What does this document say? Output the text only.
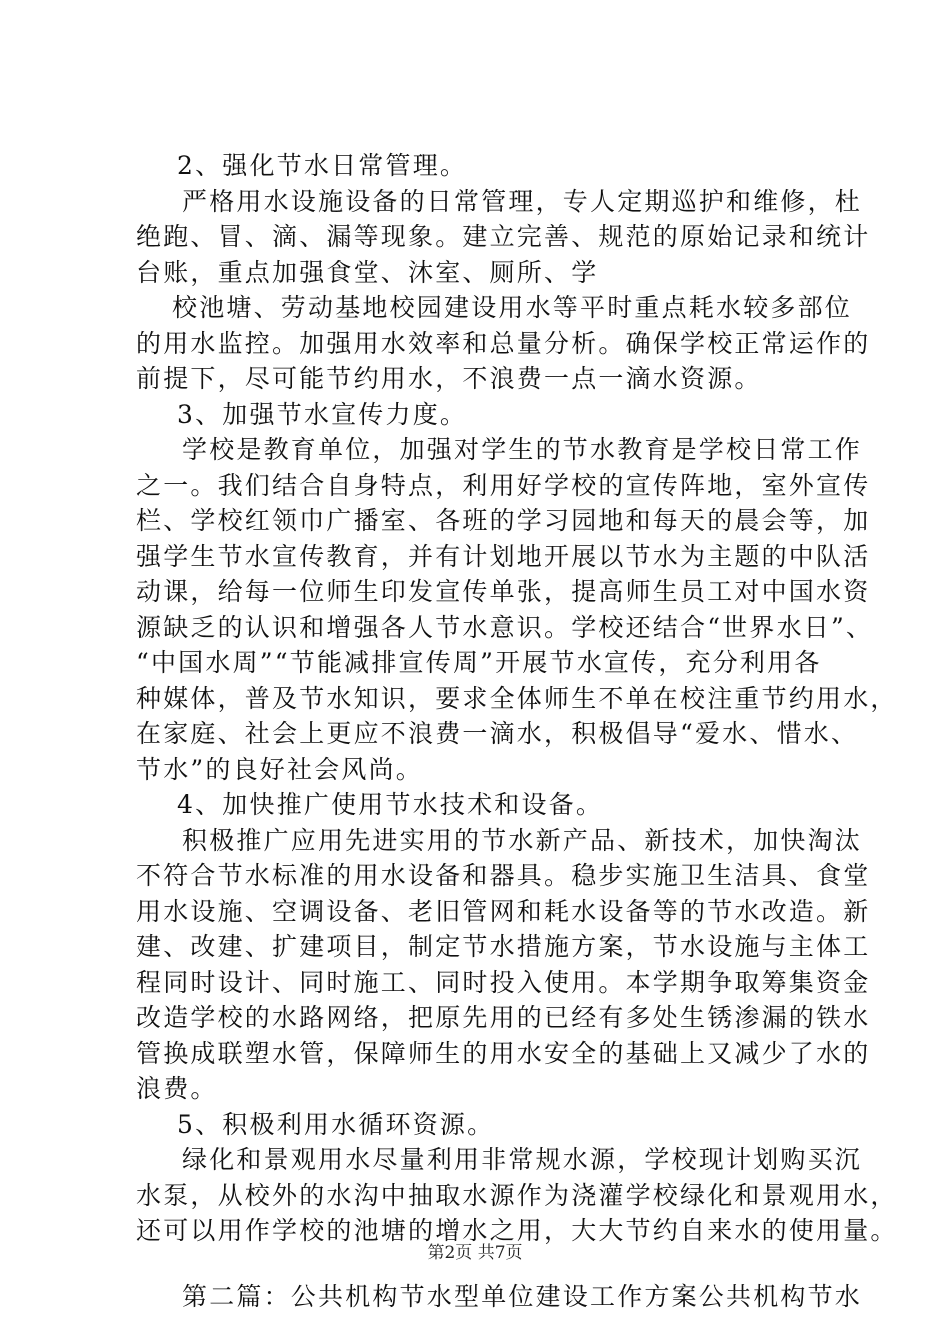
2、强化节水日常管理。
严格用水设施设备的日常管理，专人定期巡护和维修，杜
绝跑、冒、滴、漏等现象。建立完善、规范的原始记录和统计
台账，重点加强食堂、沐室、厕所、学
校池塘、劳动基地校园建设用水等平时重点耗水较多部位
的用水监控。加强用水效率和总量分析。确保学校正常运作的
前提下，尽可能节约用水，不浪费一点一滴水资源。
3、加强节水宣传力度。
学校是教育单位，加强对学生的节水教育是学校日常工作
之一。我们结合自身特点，利用好学校的宣传阵地，室外宣传
栏、学校红领巾广播室、各班的学习园地和每天的晨会等，加
强学生节水宣传教育，并有计划地开展以节水为主题的中队活
动课，给每一位师生印发宣传单张，提高师生员工对中国水资
源缺乏的认识和增强各人节水意识。学校还结合“世界水日”、
“中国水周”“节能减排宣传周”开展节水宣传，充分利用各
种媒体，普及节水知识，要求全体师生不单在校注重节约用水，
在家庭、社会上更应不浪费一滴水，积极倡导“爱水、惜水、
节水”的良好社会风尚。
4、加快推广使用节水技术和设备。
积极推广应用先进实用的节水新产品、新技术，加快淘汰
不符合节水标准的用水设备和器具。稳步实施卫生洁具、食堂
用水设施、空调设备、老旧管网和耗水设备等的节水改造。新
建、改建、扩建项目，制定节水措施方案，节水设施与主体工
程同时设计、同时施工、同时投入使用。本学期争取筹集资金
改造学校的水路网络，把原先用的已经有多处生锈渗漏的铁水
管换成联塑水管，保障师生的用水安全的基础上又减少了水的
浪费。
5、积极利用水循环资源。
绿化和景观用水尽量利用非常规水源，学校现计划购买沉
水泵，从校外的水沟中抽取水源作为浇灌学校绿化和景观用水，
还可以用作学校的池塘的增水之用，大大节约自来水的使用量。
第二篇：公共机构节水型单位建设工作方案公共机构节水
第2页 共7页
